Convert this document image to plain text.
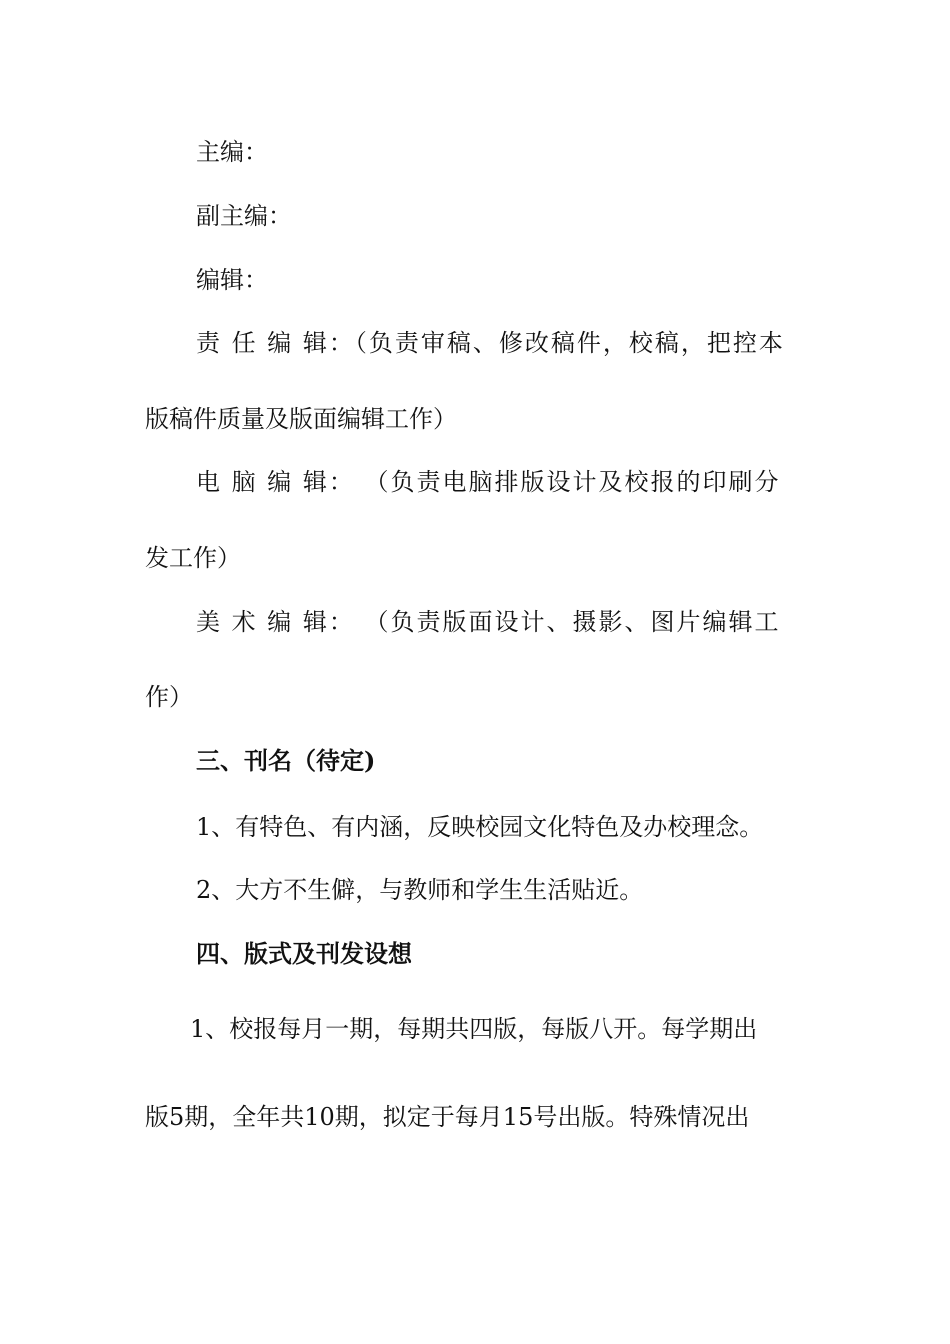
主编：

副主编：

编辑：

责 任 编 辑：（负责审稿、修改稿件，校稿，把控本

版稿件质量及版面编辑工作）

电 脑 编 辑： （负责电脑排版设计及校报的印刷分

发工作）

美 术 编 辑： （负责版面设计、摄影、图片编辑工

作）

三、刊名（待定)

1、有特色、有内涵，反映校园文化特色及办校理念。

2、大方不生僻，与教师和学生生活贴近。

四、版式及刊发设想

1、校报每月一期，每期共四版，每版八开。每学期出

版5期，全年共10期，拟定于每月15号出版。特殊情况出
